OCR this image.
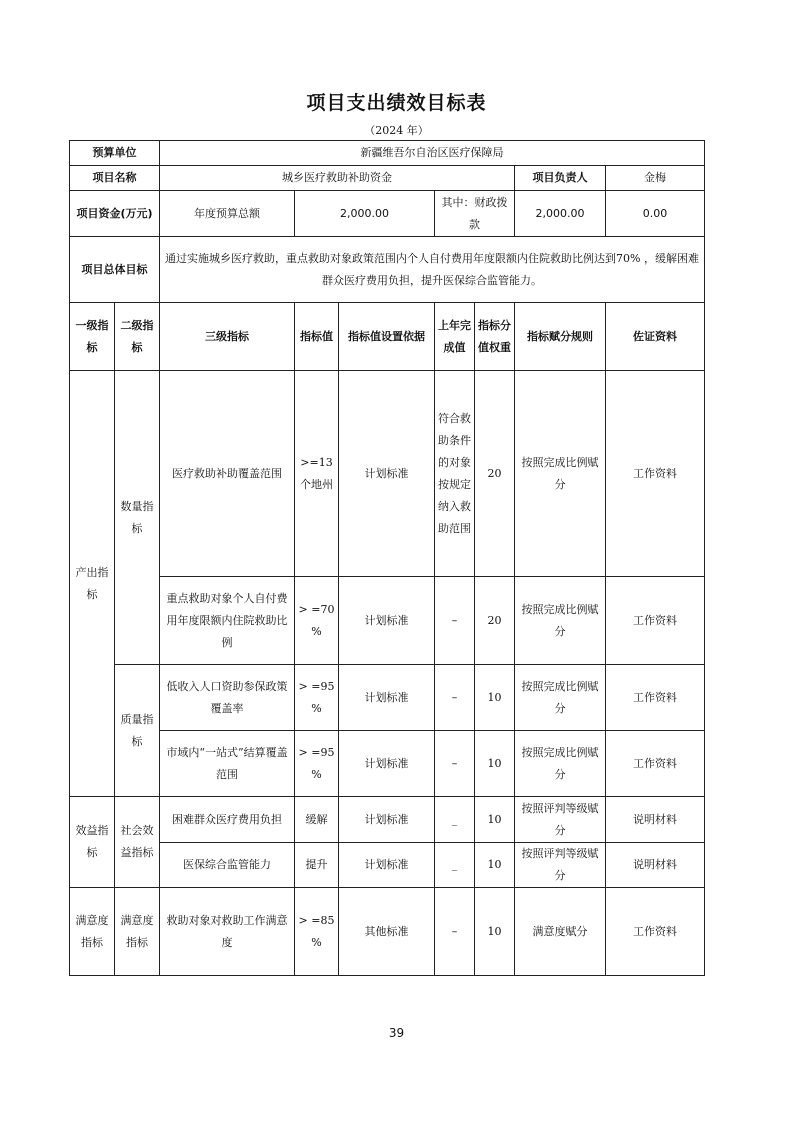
项目支出绩效目标表
（2024 年）
预算单位		新疆维吾尔自治区医疗保障局						
项目名称		城乡医疗救助补助资金					项目负责人	金梅
项目资金(万元)		年度预算总额	2,000.00		其中：财政拨款		2,000.00	0.00
项目总体目标		通过实施城乡医疗救助，重点救助对象政策范围内个人自付费用年度限额内住院救助比例达到70% ，缓解困难群众医疗费用负担，提升医保综合监管能力。						
一级指标	二级指标	三级指标	指标值	指标值设置依据	上年完成值	指标分值权重	指标赋分规则	佐证资料
产出指标	数量指标	医疗救助补助覆盖范围	>=13个地州	计划标准	符合救助条件的对象按规定纳入救助范围	20	按照完成比例赋分	工作资料
		重点救助对象个人自付费用年度限额内住院救助比例	> =70 %	计划标准	–	20	按照完成比例赋分	工作资料
	质量指标	低收入人口资助参保政策覆盖率	> =95 %	计划标准	–	10	按照完成比例赋分	工作资料
		市域内“一站式”结算覆盖范围	> =95 %	计划标准	–	10	按照完成比例赋分	工作资料
效益指标	社会效益指标	困难群众医疗费用负担	缓解	计划标准	_	10	按照评判等级赋分	说明材料
		医保综合监管能力	提升	计划标准	_	10	按照评判等级赋分	说明材料
满意度指标	满意度指标	救助对象对救助工作满意度	> =85 %	其他标准	–	10	满意度赋分	工作资料
39
